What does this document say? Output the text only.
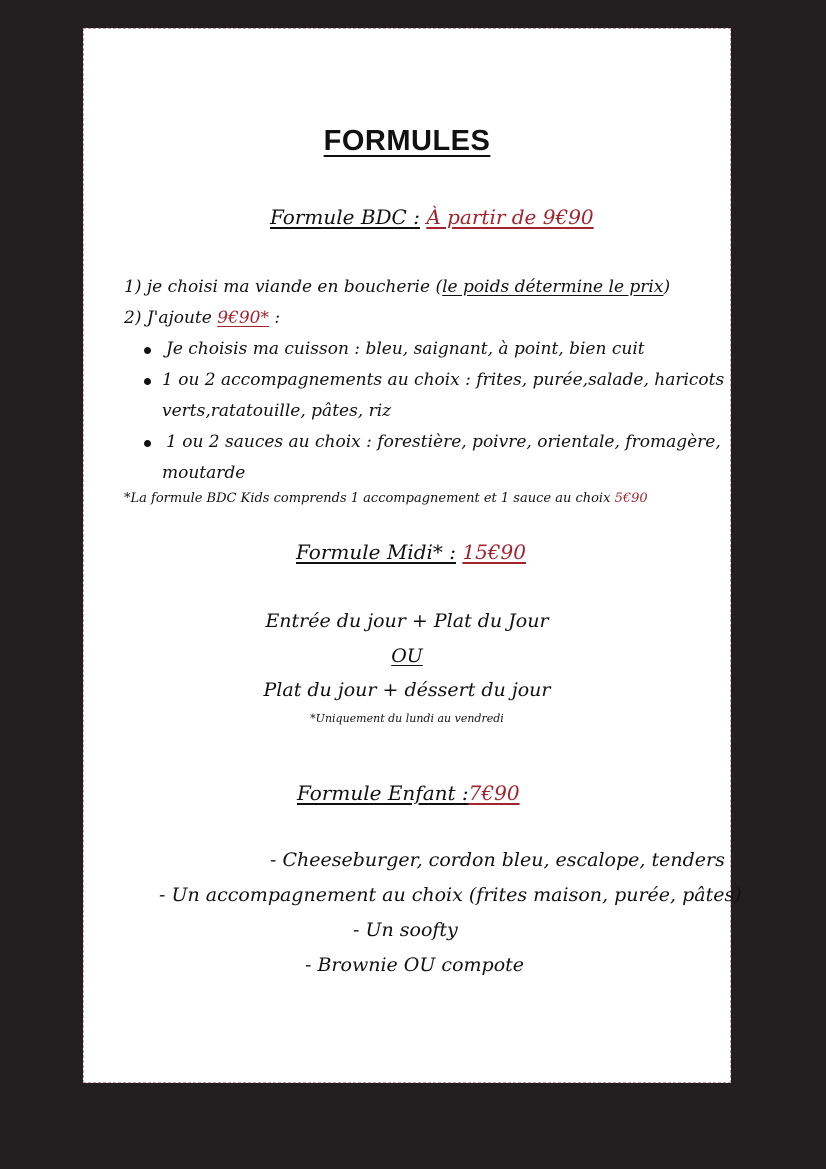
FORMULES
Formule BDC : À partir de 9€90
1) je choisi ma viande en boucherie (le poids détermine le prix)
2) J'ajoute 9€90* :
Je choisis ma cuisson : bleu, saignant, à point, bien cuit
1 ou 2 accompagnements au choix : frites, purée,salade, haricots
verts,ratatouille, pâtes, riz
1 ou 2 sauces au choix : forestière, poivre, orientale, fromagère,
moutarde
*La formule BDC Kids comprends 1 accompagnement et 1 sauce au choix 5€90
Formule Midi* : 15€90
Entrée du jour + Plat du Jour
OU
Plat du jour + déssert du jour
*Uniquement du lundi au vendredi
Formule Enfant :7€90
- Cheeseburger, cordon bleu, escalope, tenders
- Un accompagnement au choix (frites maison, purée, pâtes)
- Un soofty
- Brownie OU compote
